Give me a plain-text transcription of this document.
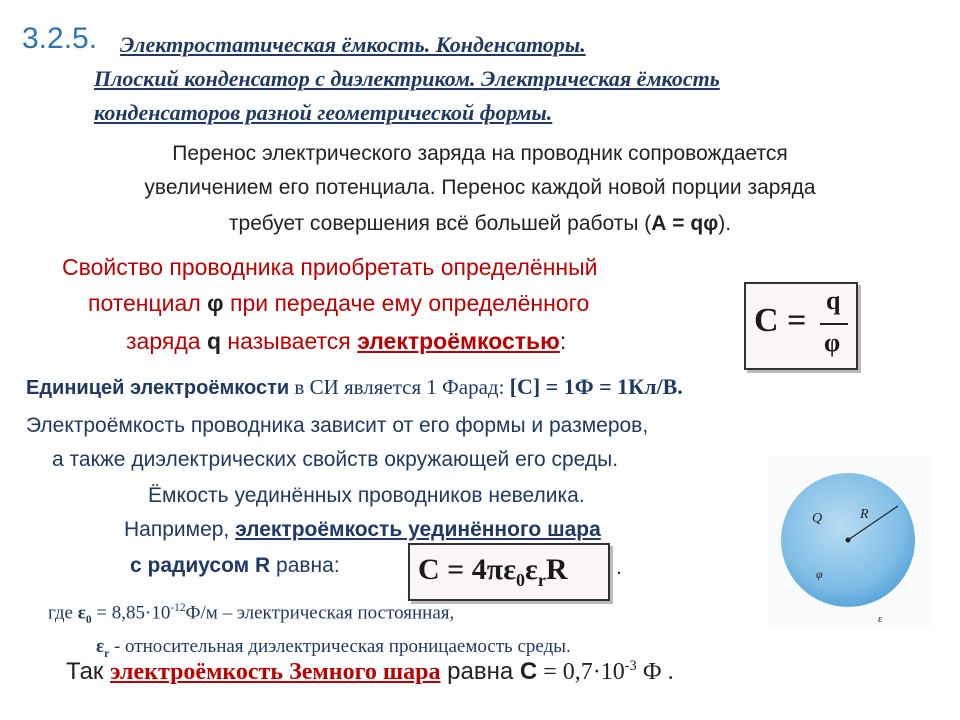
3.2.5. Электростатическая ёмкость. Конденсаторы.
Плоский конденсатор с диэлектриком. Электрическая ёмкость
конденсаторов разной геометрической формы.
Перенос электрического заряда на проводник сопровождается
увеличением его потенциала. Перенос каждой новой порции заряда
требует совершения всё большей работы (А = qφ).
Свойство проводника приобретать определённый
потенциал φ при передаче ему определённого
заряда q называется электроёмкостью:
C =
q
φ
Единицей электроёмкости в СИ является 1 Фарад: [C] = 1Ф = 1Кл/В.
Электроёмкость проводника зависит от его формы и размеров,
а также диэлектрических свойств окружающей его среды.
Ёмкость уединённых проводников невелика.
Например, электроёмкость уединённого шара
с радиусом R равна:	.
$C = 4\pi\varepsilon_0\varepsilon_rR$
где $\varepsilon_0 = 8,85\cdot 10^{-12}Ф/м$ – электрическая постоянная,
$\varepsilon_r$ - относительная диэлектрическая проницаемость среды.
Так электроёмкость Земного шара равна $C = 0,7\cdot 10^{-3}$ Ф .
Q	R
φ
ε
